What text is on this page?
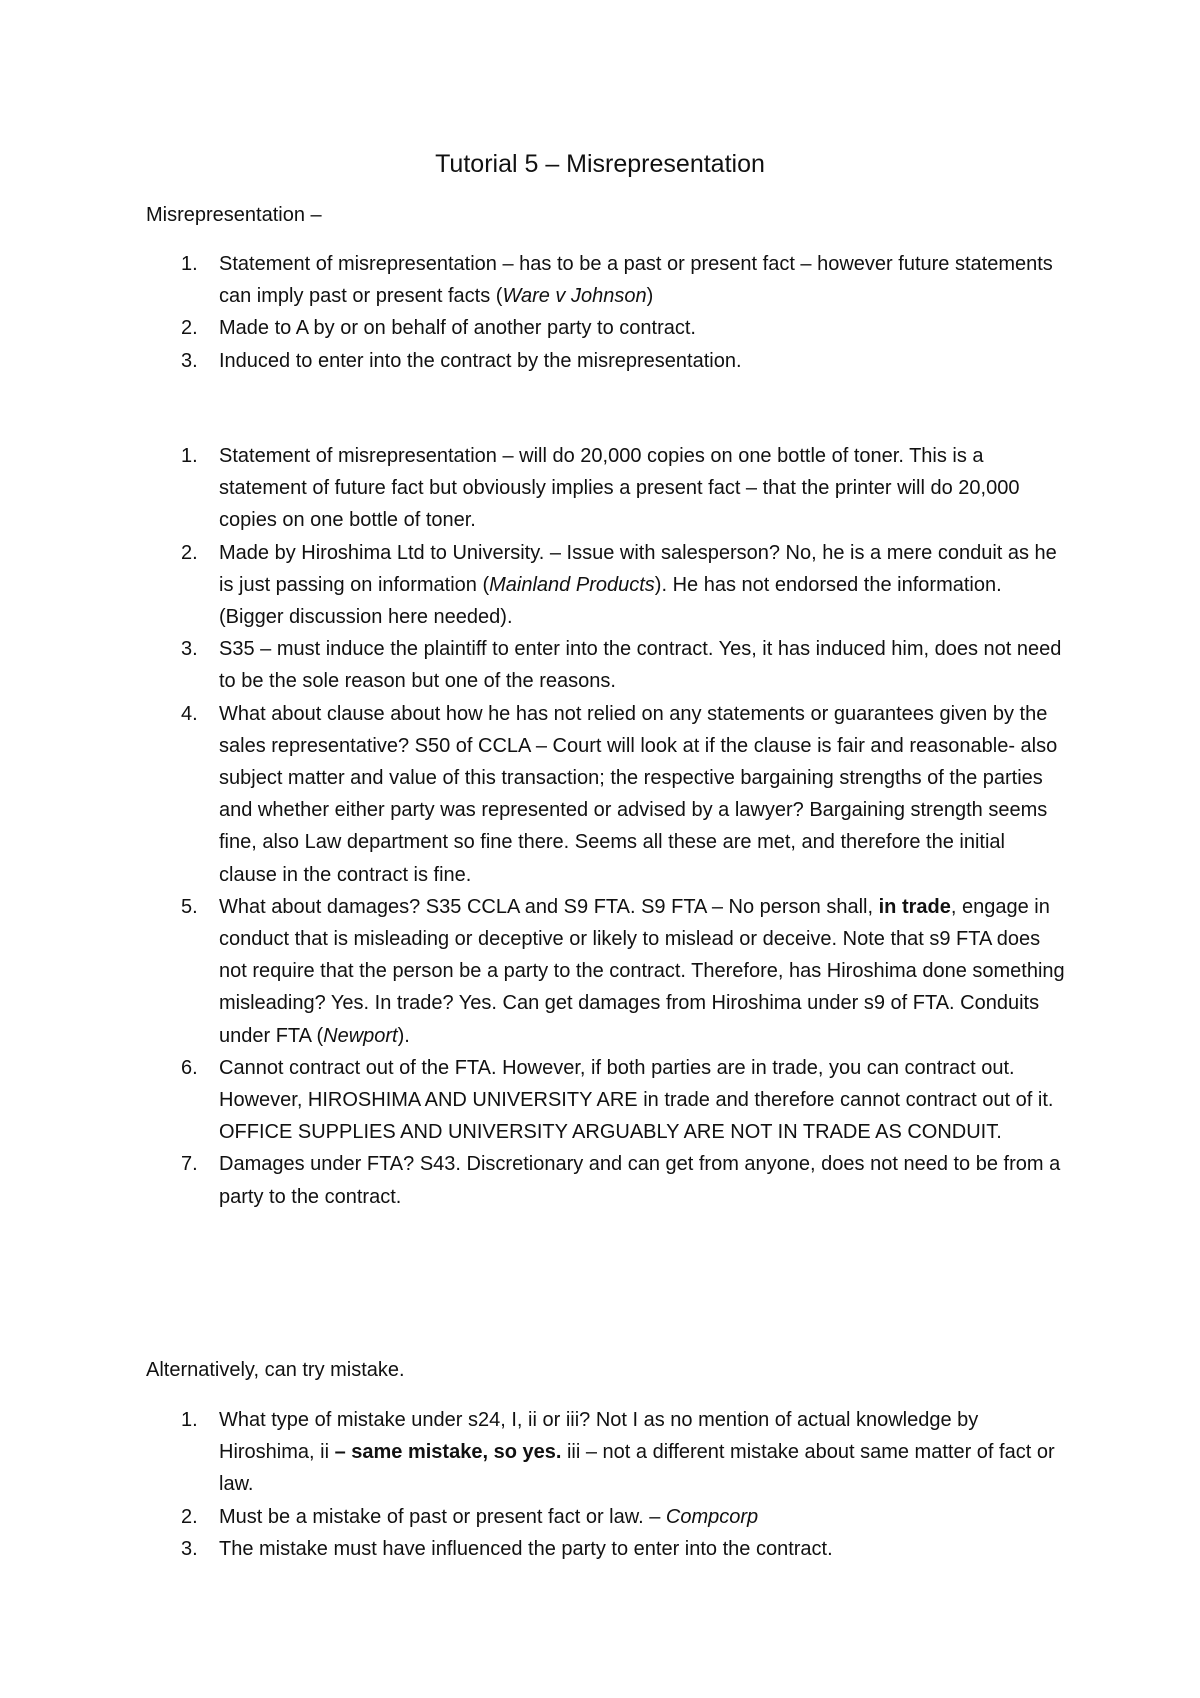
Tutorial 5 – Misrepresentation
Misrepresentation –
1. Statement of misrepresentation – has to be a past or present fact – however future statements can imply past or present facts (Ware v Johnson)
2. Made to A by or on behalf of another party to contract.
3. Induced to enter into the contract by the misrepresentation.
1. Statement of misrepresentation – will do 20,000 copies on one bottle of toner. This is a statement of future fact but obviously implies a present fact – that the printer will do 20,000 copies on one bottle of toner.
2. Made by Hiroshima Ltd to University. – Issue with salesperson? No, he is a mere conduit as he is just passing on information (Mainland Products). He has not endorsed the information. (Bigger discussion here needed).
3. S35 – must induce the plaintiff to enter into the contract. Yes, it has induced him, does not need to be the sole reason but one of the reasons.
4. What about clause about how he has not relied on any statements or guarantees given by the sales representative? S50 of CCLA – Court will look at if the clause is fair and reasonable- also subject matter and value of this transaction; the respective bargaining strengths of the parties and whether either party was represented or advised by a lawyer? Bargaining strength seems fine, also Law department so fine there. Seems all these are met, and therefore the initial clause in the contract is fine.
5. What about damages? S35 CCLA and S9 FTA. S9 FTA – No person shall, in trade, engage in conduct that is misleading or deceptive or likely to mislead or deceive. Note that s9 FTA does not require that the person be a party to the contract. Therefore, has Hiroshima done something misleading? Yes. In trade? Yes. Can get damages from Hiroshima under s9 of FTA. Conduits under FTA (Newport).
6. Cannot contract out of the FTA. However, if both parties are in trade, you can contract out. However, HIROSHIMA AND UNIVERSITY ARE in trade and therefore cannot contract out of it. OFFICE SUPPLIES AND UNIVERSITY ARGUABLY ARE NOT IN TRADE AS CONDUIT.
7. Damages under FTA? S43. Discretionary and can get from anyone, does not need to be from a party to the contract.
Alternatively, can try mistake.
1. What type of mistake under s24, I, ii or iii? Not I as no mention of actual knowledge by Hiroshima, ii – same mistake, so yes. iii – not a different mistake about same matter of fact or law.
2. Must be a mistake of past or present fact or law. – Compcorp
3. The mistake must have influenced the party to enter into the contract.
